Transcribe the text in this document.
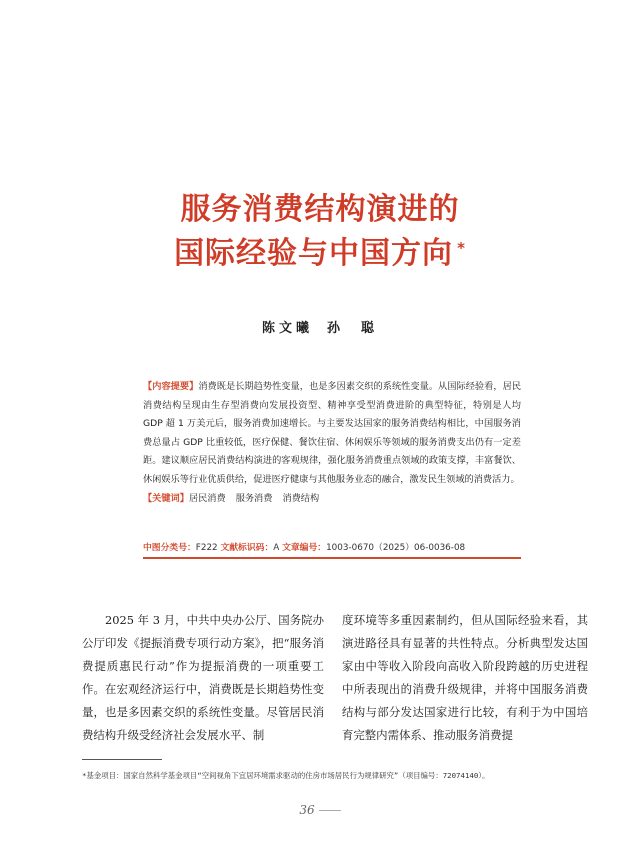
服务消费结构演进的
国际经验与中国方向 *
陈文曦 孙　聪
【内容提要】消费既是长期趋势性变量，也是多因素交织的系统性变量。从国际经验看，居民消费结构呈现由生存型消费向发展投资型、精神享受型消费进阶的典型特征，特别是人均 GDP 超 1 万美元后，服务消费加速增长。与主要发达国家的服务消费结构相比，中国服务消费总量占 GDP 比重较低，医疗保健、餐饮住宿、休闲娱乐等领域的服务消费支出仍有一定差距。建议顺应居民消费结构演进的客观规律，强化服务消费重点领域的政策支撑，丰富餐饮、休闲娱乐等行业优质供给，促进医疗健康与其他服务业态的融合，激发民生领域的消费活力。
【关键词】居民消费 服务消费 消费结构
中图分类号：F222 文献标识码：A 文章编号：1003-0670（2025）06-0036-08

2025 年 3 月，中共中央办公厅、国务院办公厅印发《提振消费专项行动方案》，把“服务消费提质惠民行动”作为提振消费的一项重要工作。在宏观经济运行中，消费既是长期趋势性变量，也是多因素交织的系统性变量。尽管居民消费结构升级受经济社会发展水平、制

度环境等多重因素制约，但从国际经验来看，其演进路径具有显著的共性特点。分析典型发达国家由中等收入阶段向高收入阶段跨越的历史进程中所表现出的消费升级规律，并将中国服务消费结构与部分发达国家进行比较，有利于为中国培育完整内需体系、推动服务消费提

*基金项目：国家自然科学基金项目“空间视角下宜居环境需求驱动的住房市场居民行为规律研究”（项目编号：72074140）。
36
